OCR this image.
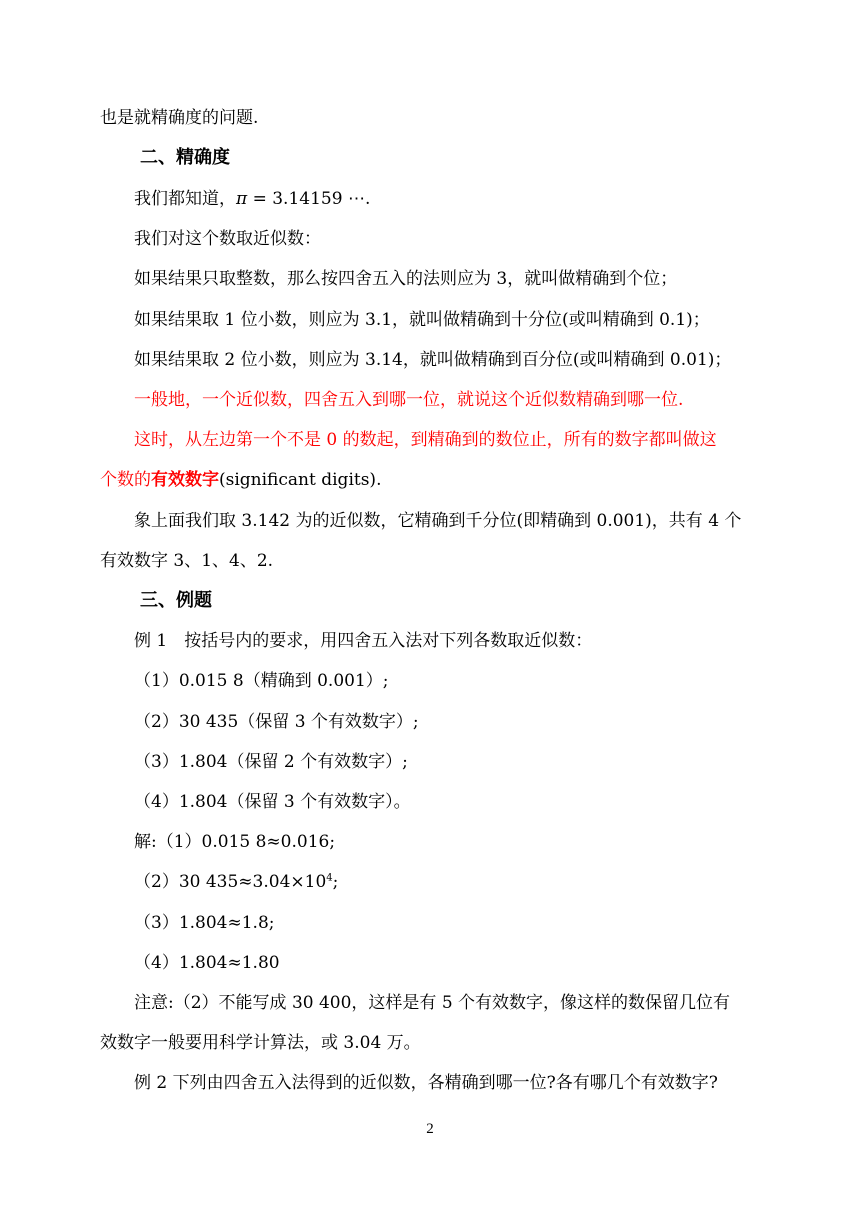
也是就精确度的问题.
二、精确度
我们都知道，π = 3.14159 ⋯.
我们对这个数取近似数：
如果结果只取整数，那么按四舍五入的法则应为 3，就叫做精确到个位；
如果结果取 1 位小数，则应为 3.1，就叫做精确到十分位(或叫精确到 0.1)；
如果结果取 2 位小数，则应为 3.14，就叫做精确到百分位(或叫精确到 0.01)；
一般地，一个近似数，四舍五入到哪一位，就说这个近似数精确到哪一位.
这时，从左边第一个不是 0 的数起，到精确到的数位止，所有的数字都叫做这
个数的有效数字(significant digits).
象上面我们取 3.142 为的近似数，它精确到千分位(即精确到 0.001)，共有 4 个
有效数字 3、1、4、2.
三、例题
例 1　按括号内的要求，用四舍五入法对下列各数取近似数：
（1）0.015 8（精确到 0.001）;
（2）30 435（保留 3 个有效数字）;
（3）1.804（保留 2 个有效数字）;
（4）1.804（保留 3 个有效数字）。
解:（1）0.015 8≈0.016;
（2）30 $435\approx 3.04\times 10^4$;
（3）1.804≈1.8;
（4）1.804≈1.80
注意:（2）不能写成 30 400，这样是有 5 个有效数字，像这样的数保留几位有
效数字一般要用科学计算法，或 3.04 万。
例 2 下列由四舍五入法得到的近似数，各精确到哪一位?各有哪几个有效数字?
2
